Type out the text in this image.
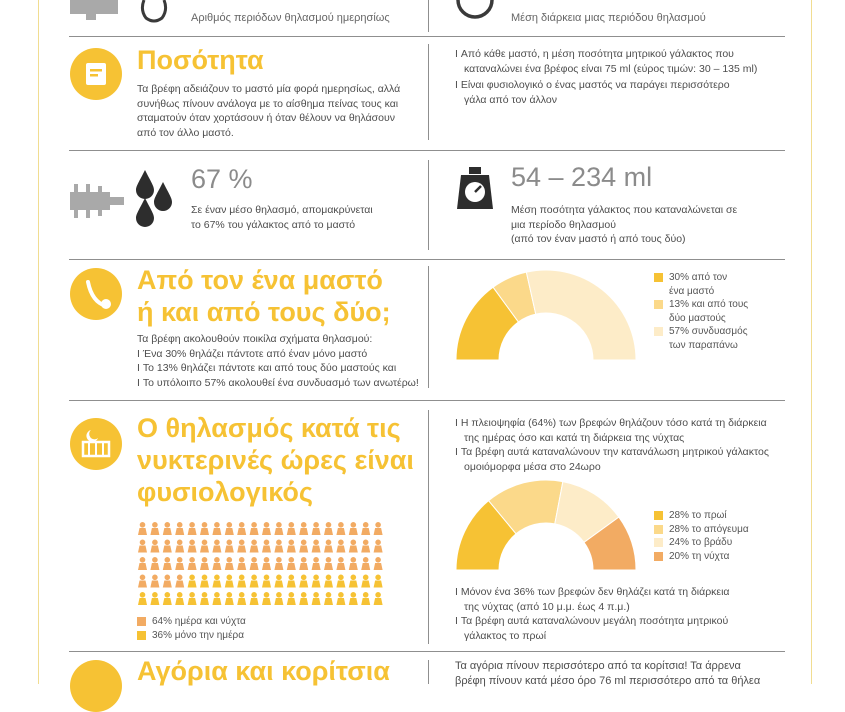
Αριθμός περιόδων θηλασμού ημερησίως	Μέση διάρκεια μιας περιόδου θηλασμού
Ποσότητα
Τα βρέφη αδειάζουν το μαστό μία φορά ημερησίως, αλλά
συνήθως πίνουν ανάλογα με το αίσθημα πείνας τους και
σταματούν όταν χορτάσουν ή όταν θέλουν να θηλάσουν
από τον άλλο μαστό.
I Από κάθε μαστό, η μέση ποσότητα μητρικού γάλακτος που
καταναλώνει ένα βρέφος είναι 75 ml (εύρος τιμών: 30 – 135 ml)
I Είναι φυσιολογικό ο ένας μαστός να παράγει περισσότερο
γάλα από τον άλλον
67 %
Σε έναν μέσο θηλασμό, απομακρύνεται
το 67% του γάλακτος από το μαστό
54 – 234 ml
Μέση ποσότητα γάλακτος που καταναλώνεται σε
μια περίοδο θηλασμού
(από τον έναν μαστό ή από τους δύο)
Από τον ένα μαστό
ή και από τους δύο;
Τα βρέφη ακολουθούν ποικίλα σχήματα θηλασμού:
I Ένα 30% θηλάζει πάντοτε από έναν μόνο μαστό
I Το 13% θηλάζει πάντοτε και από τους δύο μαστούς και
I Το υπόλοιπο 57% ακολουθεί ένα συνδυασμό των ανωτέρω!
30% από τον
ένα μαστό
13% και από τους
δύο μαστούς
57% συνδυασμός
των παραπάνω
Ο θηλασμός κατά τις
νυκτερινές ώρες είναι
φυσιολογικός
64% ημέρα και νύχτα
36% μόνο την ημέρα
I Η πλειοψηφία (64%) των βρεφών θηλάζουν τόσο κατά τη διάρκεια
της ημέρας όσο και κατά τη διάρκεια της νύχτας
I Τα βρέφη αυτά καταναλώνουν την κατανάλωση μητρικού γάλακτος
ομοιόμορφα μέσα στο 24ωρο
28% το πρωί
28% το απόγευμα
24% το βράδυ
20% τη νύχτα
I Μόνον ένα 36% των βρεφών δεν θηλάζει κατά τη διάρκεια
της νύχτας (από 10 μ.μ. έως 4 π.μ.)
I Τα βρέφη αυτά καταναλώνουν μεγάλη ποσότητα μητρικού
γάλακτος το πρωί
Αγόρια και κορίτσια	Τα αγόρια πίνουν περισσότερο από τα κορίτσια! Τα άρρενα
βρέφη πίνουν κατά μέσο όρο 76 ml περισσότερο από τα θήλεα
